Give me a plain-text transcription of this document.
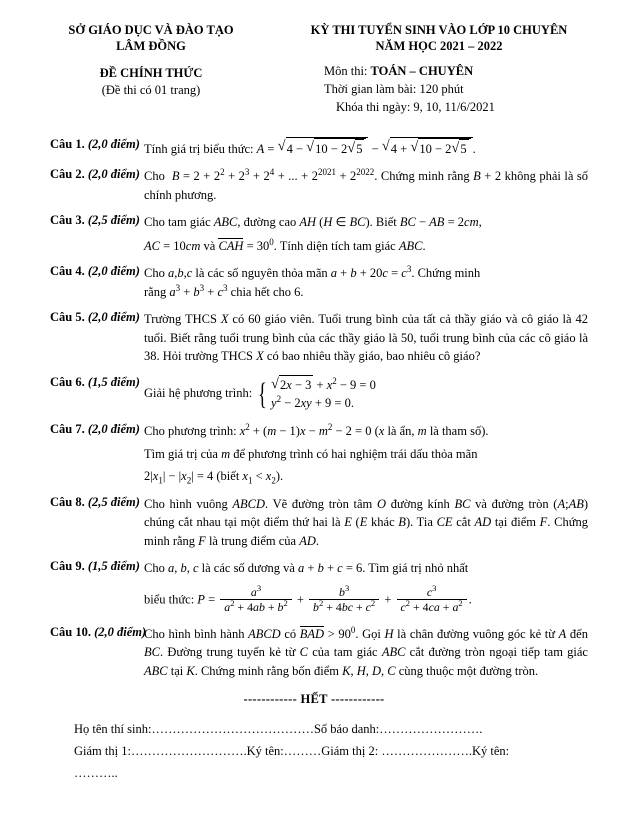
SỞ GIÁO DỤC VÀ ĐÀO TẠO
LÂM ĐỒNG
ĐỀ CHÍNH THỨC
(Đề thi có 01 trang)
KỲ THI TUYỂN SINH VÀO LỚP 10 CHUYÊN
NĂM HỌC 2021 – 2022
Môn thi: TOÁN – CHUYÊN
Thời gian làm bài: 120 phút
Khóa thi ngày: 9, 10, 11/6/2021
Câu 1. (2,0 điểm) Tính giá trị biểu thức: A = √ 4 − √ 10 − 2 √ 5 − √ 4 + √ 10 − 2 √ 5 .
Câu 2. (2,0 điểm) Cho  $B = 2 + 2^2 + 2^3 + 2^4$ + ... + $2^{2021} + 2^{2022}$. Chứng minh rằng B + 2 không phải là số chính phương.
Câu 3. (2,5 điểm) Cho tam giác ABC, đường cao AH (H ∈ BC). Biết BC − AB = 2cm,
AC = 10cm và CAH = $30^0$. Tính diện tích tam giác ABC.
Câu 4. (2,0 điểm) Cho a,b,c là các số nguyên thỏa mãn $a + b + 20c = c^3$. Chứng minh
rằng $a^3 + b^3 + c^3$ chia hết cho 6.
Câu 5. (2,0 điểm) Trường THCS X có 60 giáo viên. Tuổi trung bình của tất cả thầy giáo và cô giáo là 42 tuổi. Biết rằng tuổi trung bình của các thầy giáo là 50, tuổi trung bình của các cô giáo là 38. Hỏi trường THCS X có bao nhiêu thầy giáo, bao nhiêu cô giáo?
Câu 6. (1,5 điểm)
Giải hệ phương trình: {	√ $2x - 3 + x^2 - 9 = 0$
$y^2 - 2xy + 9 = 0$.
Câu 7. (2,0 điểm) Cho phương trình: $x^2 + (m - 1)x - m^2 - 2 = 0$ (x là ẩn, m là tham số).
Tìm giá trị của m để phương trình có hai nghiệm trái dấu thỏa mãn
$2|x_1| - |x_2| = 4$ (biết $x_1 < x_2$).
Câu 8. (2,5 điểm) Cho hình vuông ABCD. Vẽ đường tròn tâm O đường kính BC và đường tròn (A;AB) chúng cắt nhau tại một điểm thứ hai là E (E khác B). Tia CE cắt AD tại điểm F. Chứng minh rằng F là trung điểm của AD.
Câu 9. (1,5 điểm) Cho a, b, c là các số dương và a + b + c = 6. Tìm giá trị nhỏ nhất
biểu thức: $P = \frac{a^3}{a^2 + 4ab + b^2} + \frac{b^3}{b^2 + 4bc + c^2} + \frac{c^3}{c^2 + 4ca + a^2}$ .
Câu 10. (2,0 điểm)
Cho hình bình hành ABCD có BAD > $90^0$. Gọi H là chân đường vuông góc kẻ từ A đến BC. Đường trung tuyến kẻ từ C của tam giác ABC cắt đường tròn ngoại tiếp tam giác ABC tại K. Chứng minh rằng bốn điểm K, H, D, C cùng thuộc một đường tròn.
------------ HẾT ------------
Họ tên thí sinh:…………………………………Số báo danh:…………………….
Giám thị 1:……………………….Ký tên:………Giám thị 2: ………………….Ký tên:
………..
